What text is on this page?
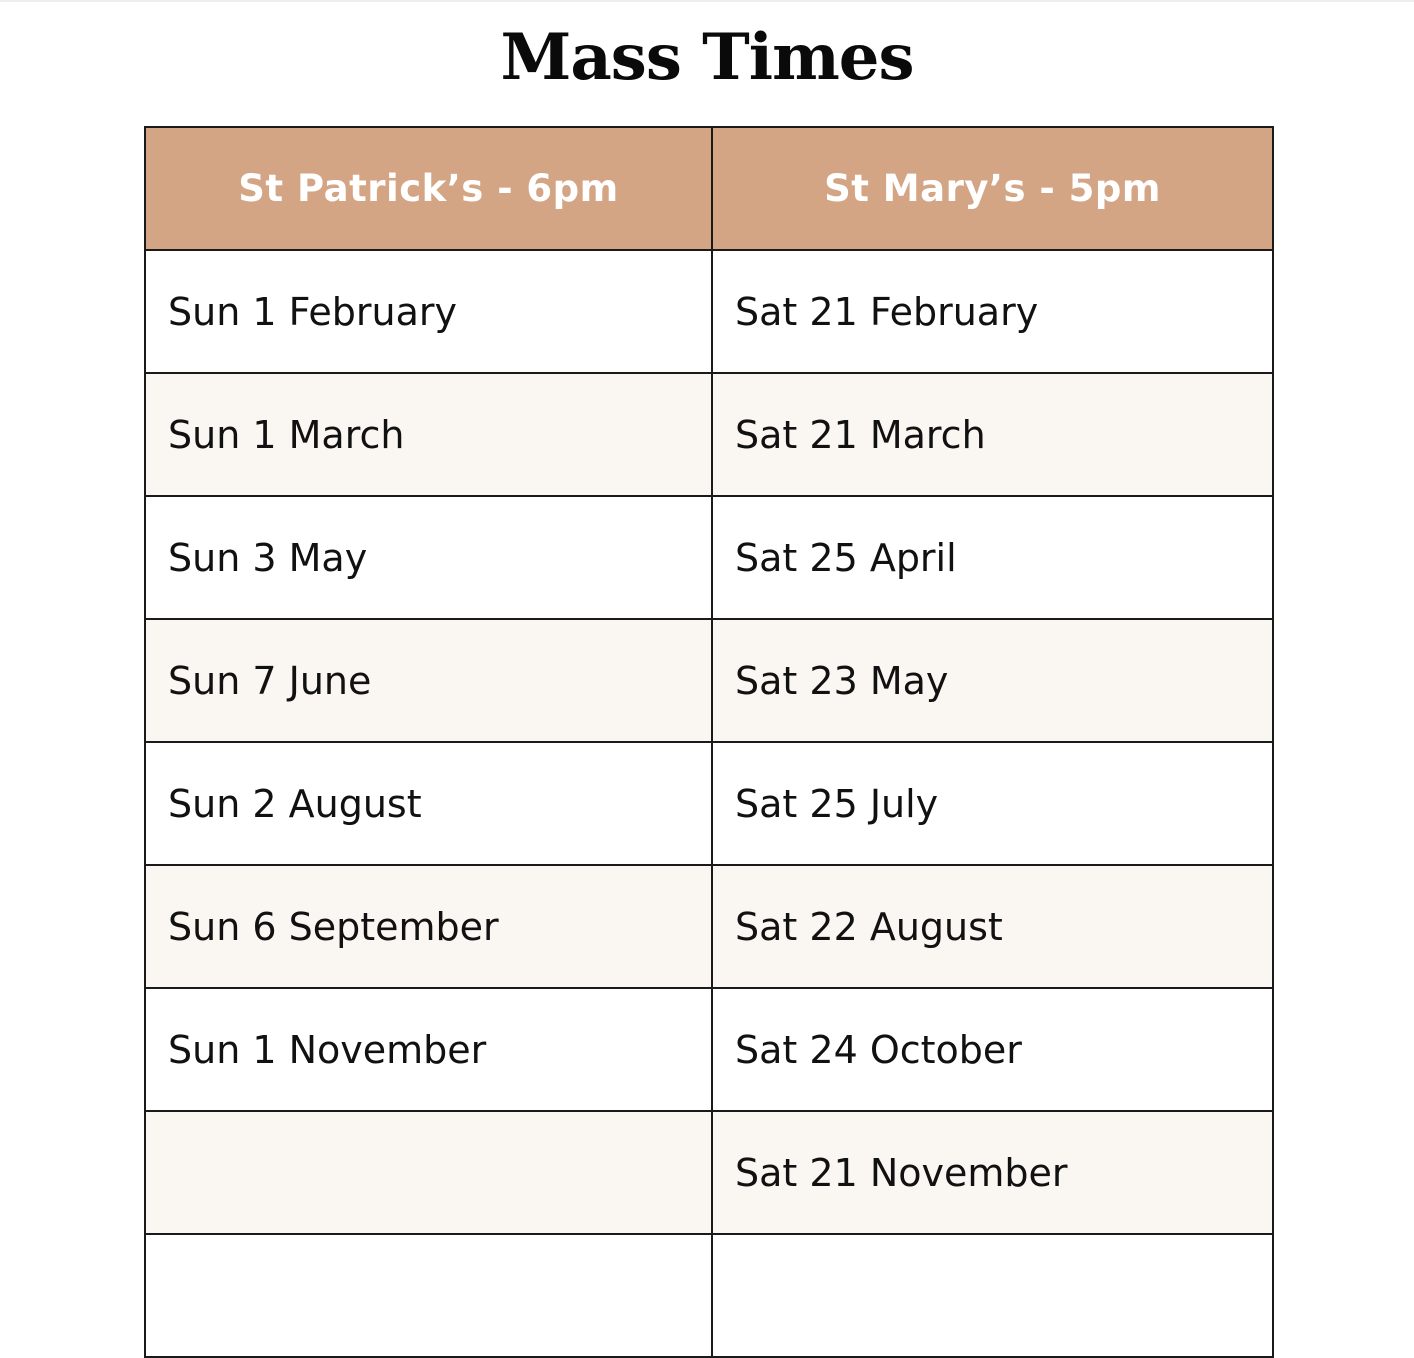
Mass Times
St Patrick’s - 6pm	St Mary’s - 5pm
Sun 1 February	Sat 21 February
Sun 1 March	Sat 21 March
Sun 3 May	Sat 25 April
Sun 7 June	Sat 23 May
Sun 2 August	Sat 25 July
Sun 6 September	Sat 22 August
Sun 1 November	Sat 24 October
	Sat 21 November
